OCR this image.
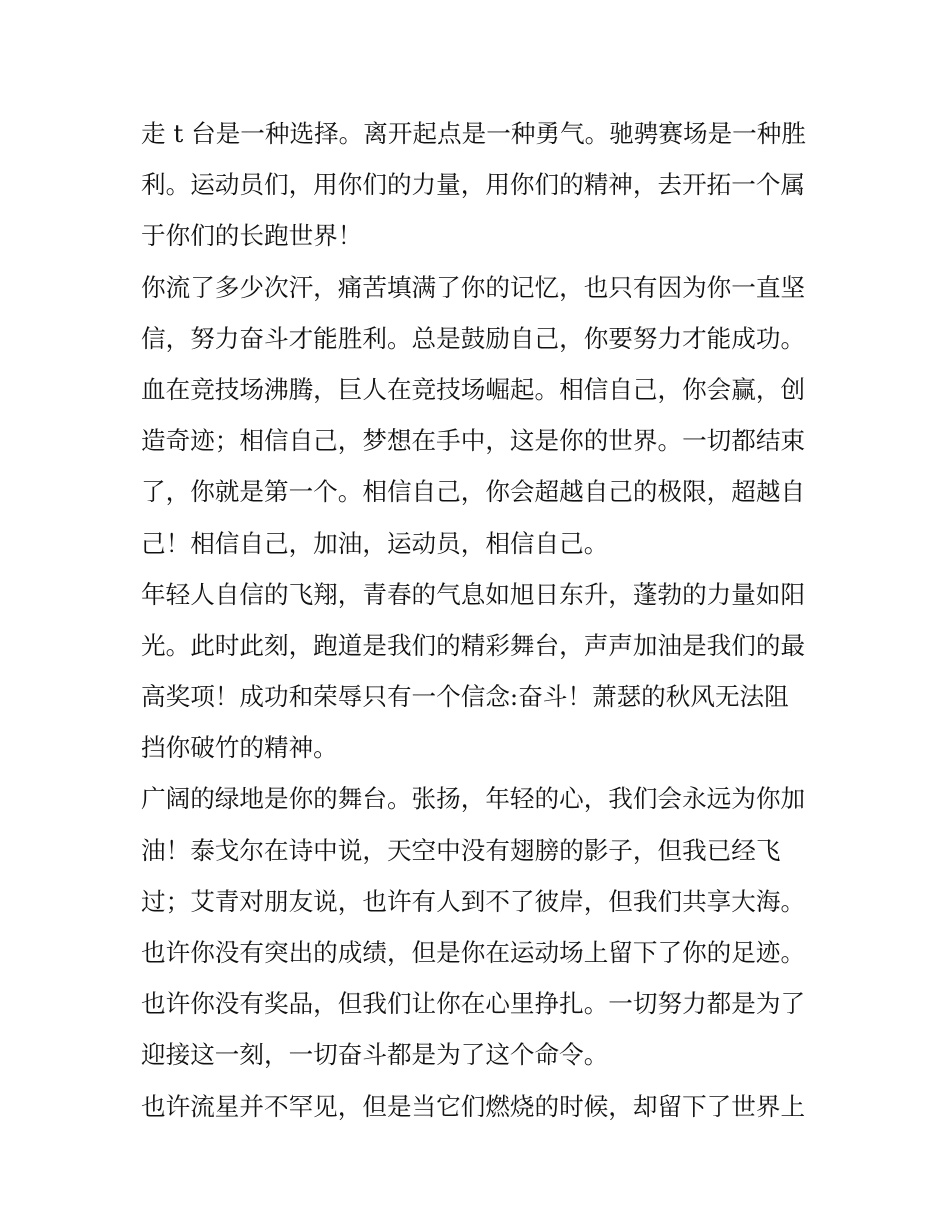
走 t 台是一种选择。离开起点是一种勇气。驰骋赛场是一种胜
利。运动员们，用你们的力量，用你们的精神，去开拓一个属
于你们的长跑世界！
你流了多少次汗，痛苦填满了你的记忆，也只有因为你一直坚
信，努力奋斗才能胜利。总是鼓励自己，你要努力才能成功。
血在竞技场沸腾，巨人在竞技场崛起。相信自己，你会赢，创
造奇迹；相信自己，梦想在手中，这是你的世界。一切都结束
了，你就是第一个。相信自己，你会超越自己的极限，超越自
己！相信自己，加油，运动员，相信自己。
年轻人自信的飞翔，青春的气息如旭日东升，蓬勃的力量如阳
光。此时此刻，跑道是我们的精彩舞台，声声加油是我们的最
高奖项！成功和荣辱只有一个信念:奋斗！萧瑟的秋风无法阻
挡你破竹的精神。
广阔的绿地是你的舞台。张扬，年轻的心，我们会永远为你加
油！泰戈尔在诗中说，天空中没有翅膀的影子，但我已经飞
过；艾青对朋友说，也许有人到不了彼岸，但我们共享大海。
也许你没有突出的成绩，但是你在运动场上留下了你的足迹。
也许你没有奖品，但我们让你在心里挣扎。一切努力都是为了
迎接这一刻，一切奋斗都是为了这个命令。
也许流星并不罕见，但是当它们燃烧的时候，却留下了世界上
